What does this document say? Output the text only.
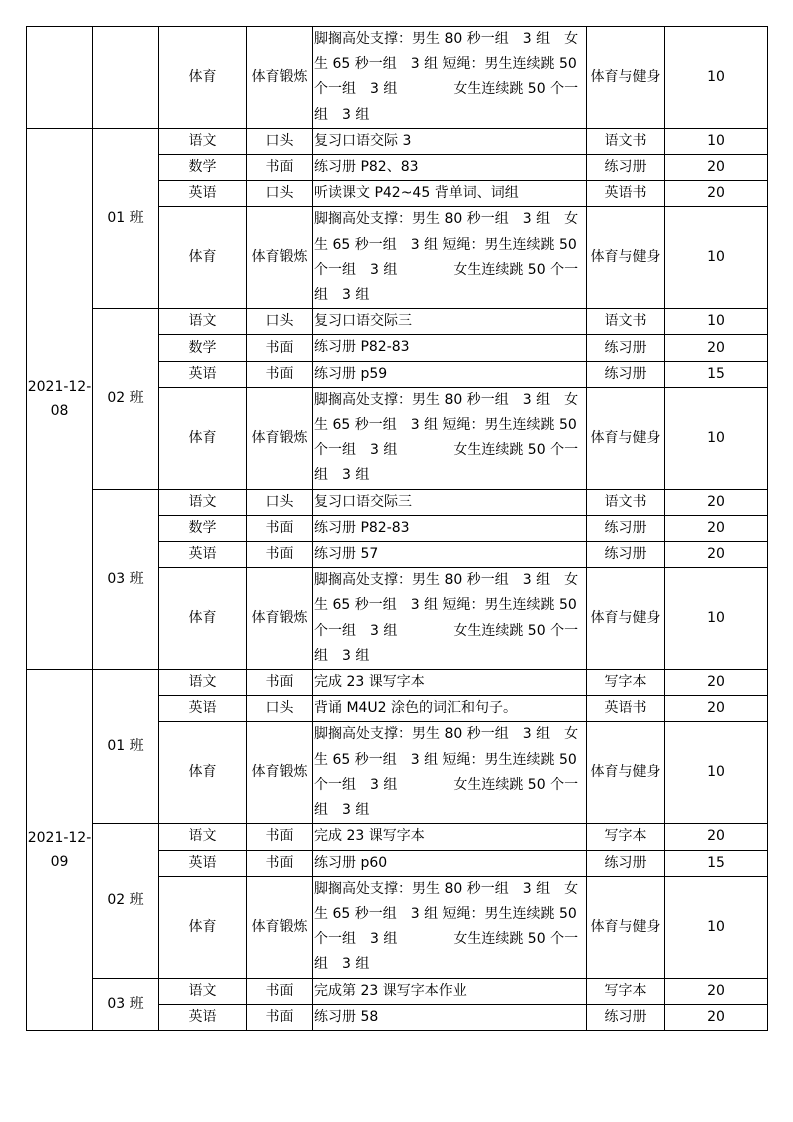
		体育	体育锻炼	脚搁高处支撑：男生 80 秒一组　3 组　女生 65 秒一组　3 组 短绳：男生连续跳 50 个一组　3 组　　　　女生连续跳 50 个一组　3 组	体育与健身	10
2021-12-08	01 班	语文	口头	复习口语交际 3	语文书	10
		数学	书面	练习册 P82、83	练习册	20
		英语	口头	听读课文 P42~45 背单词、词组	英语书	20
		体育	体育锻炼	脚搁高处支撑：男生 80 秒一组　3 组　女生 65 秒一组　3 组 短绳：男生连续跳 50 个一组　3 组　　　　女生连续跳 50 个一组　3 组	体育与健身	10
	02 班	语文	口头	复习口语交际三	语文书	10
		数学	书面	练习册 P82-83	练习册	20
		英语	书面	练习册 p59	练习册	15
		体育	体育锻炼	脚搁高处支撑：男生 80 秒一组　3 组　女生 65 秒一组　3 组 短绳：男生连续跳 50 个一组　3 组　　　　女生连续跳 50 个一组　3 组	体育与健身	10
	03 班	语文	口头	复习口语交际三	语文书	20
		数学	书面	练习册 P82-83	练习册	20
		英语	书面	练习册 57	练习册	20
		体育	体育锻炼	脚搁高处支撑：男生 80 秒一组　3 组　女生 65 秒一组　3 组 短绳：男生连续跳 50 个一组　3 组　　　　女生连续跳 50 个一组　3 组	体育与健身	10
2021-12-09	01 班	语文	书面	完成 23 课写字本	写字本	20
		英语	口头	背诵 M4U2 涂色的词汇和句子。	英语书	20
		体育	体育锻炼	脚搁高处支撑：男生 80 秒一组　3 组　女生 65 秒一组　3 组 短绳：男生连续跳 50 个一组　3 组　　　　女生连续跳 50 个一组　3 组	体育与健身	10
	02 班	语文	书面	完成 23 课写字本	写字本	20
		英语	书面	练习册 p60	练习册	15
		体育	体育锻炼	脚搁高处支撑：男生 80 秒一组　3 组　女生 65 秒一组　3 组 短绳：男生连续跳 50 个一组　3 组　　　　女生连续跳 50 个一组　3 组	体育与健身	10
	03 班	语文	书面	完成第 23 课写字本作业	写字本	20
		英语	书面	练习册 58	练习册	20
